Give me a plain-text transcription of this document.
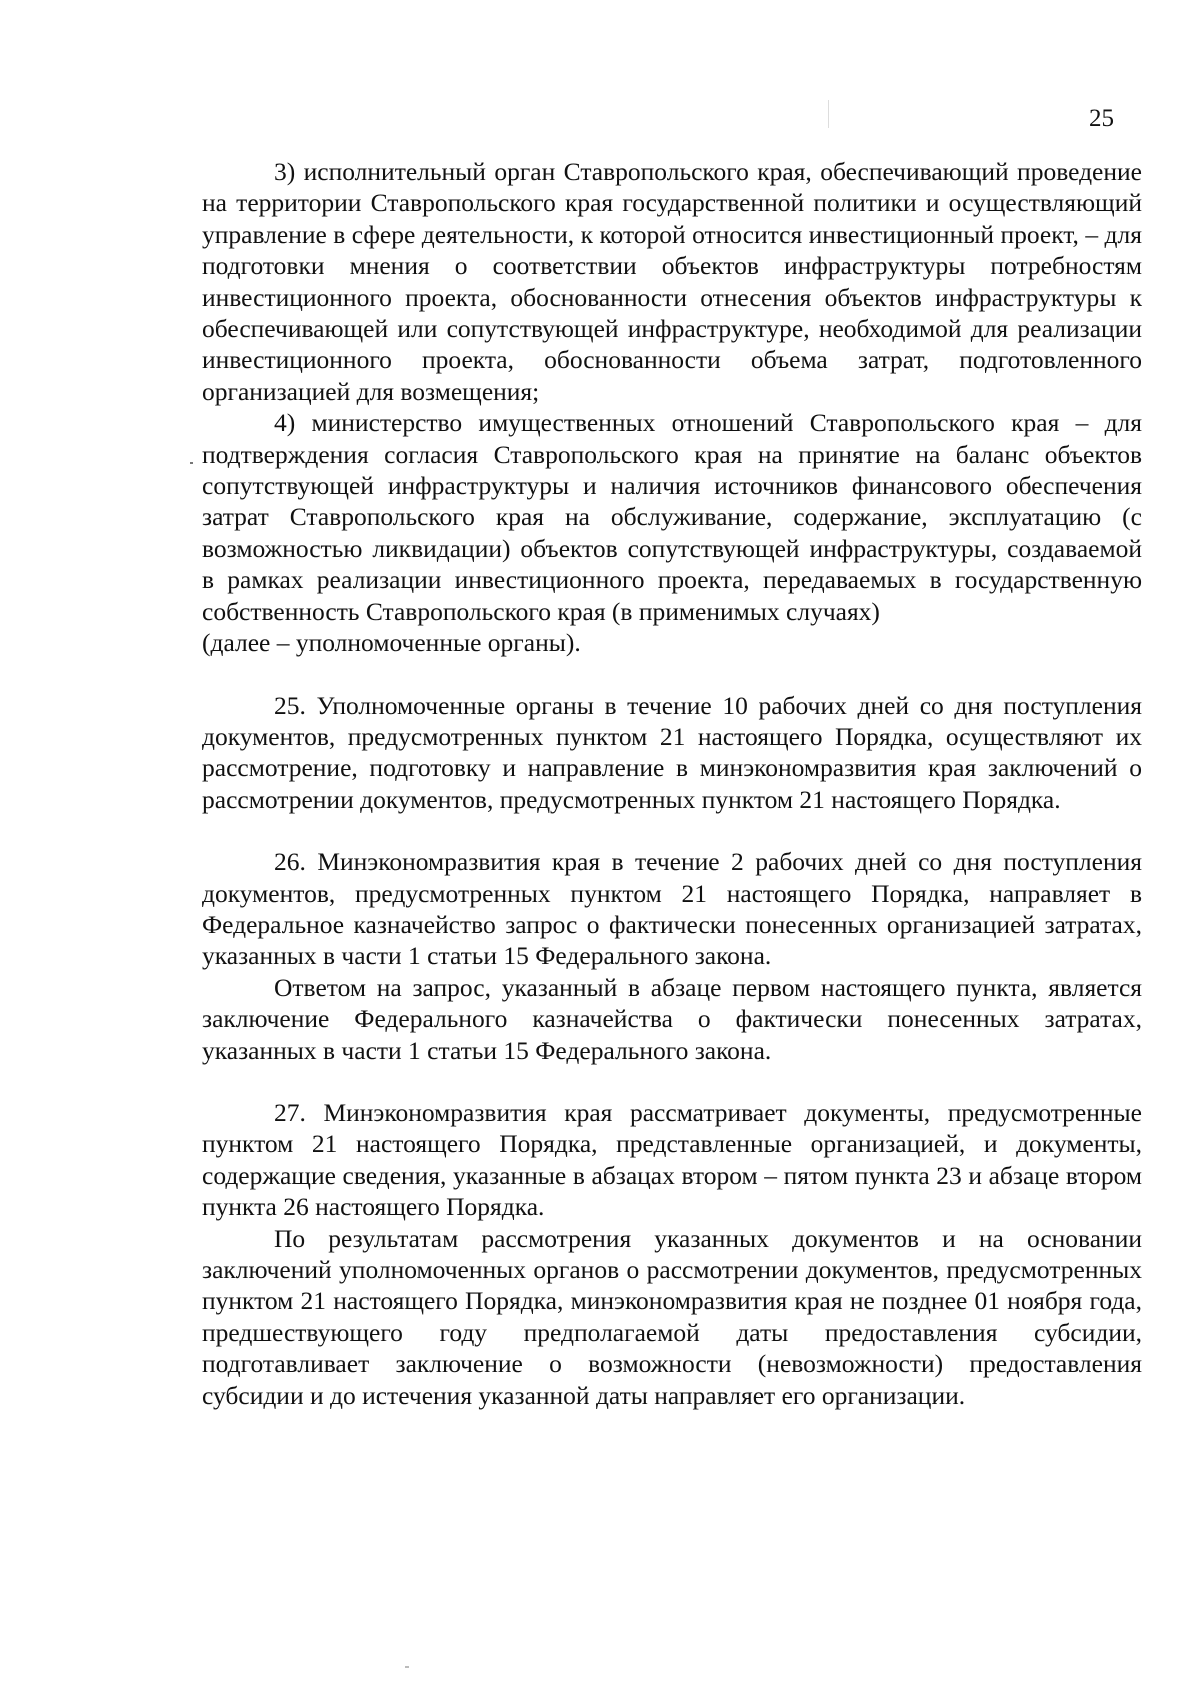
25

3) исполнительный орган Ставропольского края, обеспечивающий проведение на территории Ставропольского края государственной политики и осуществляющий управление в сфере деятельности, к которой относится инвестиционный проект, – для подготовки мнения о соответствии объектов инфраструктуры потребностям инвестиционного проекта, обоснованности отнесения объектов инфраструктуры к обеспечивающей или сопутствующей инфраструктуре, необходимой для реализации инвестиционного проекта, обоснованности объема затрат, подготовленного организацией для возмещения;

4) министерство имущественных отношений Ставропольского края – для подтверждения согласия Ставропольского края на принятие на баланс объектов сопутствующей инфраструктуры и наличия источников финансового обеспечения затрат Ставропольского края на обслуживание, содержание, эксплуатацию (с возможностью ликвидации) объектов сопутствующей инфраструктуры, создаваемой в рамках реализации инвестиционного проекта, передаваемых в государственную собственность Ставропольского края (в применимых случаях)

(далее – уполномоченные органы).

25. Уполномоченные органы в течение 10 рабочих дней со дня поступления документов, предусмотренных пунктом 21 настоящего Порядка, осуществляют их рассмотрение, подготовку и направление в минэкономразвития края заключений о рассмотрении документов, предусмотренных пунктом 21 настоящего Порядка.

26. Минэкономразвития края в течение 2 рабочих дней со дня поступления документов, предусмотренных пунктом 21 настоящего Порядка, направляет в Федеральное казначейство запрос о фактически понесенных организацией затратах, указанных в части 1 статьи 15 Федерального закона.

Ответом на запрос, указанный в абзаце первом настоящего пункта, является заключение Федерального казначейства о фактически понесенных затратах, указанных в части 1 статьи 15 Федерального закона.

27. Минэкономразвития края рассматривает документы, предусмотренные пунктом 21 настоящего Порядка, представленные организацией, и документы, содержащие сведения, указанные в абзацах втором – пятом пункта 23 и абзаце втором пункта 26 настоящего Порядка.

По результатам рассмотрения указанных документов и на основании заключений уполномоченных органов о рассмотрении документов, предусмотренных пунктом 21 настоящего Порядка, минэкономразвития края не позднее 01 ноября года, предшествующего году предполагаемой даты предоставления субсидии, подготавливает заключение о возможности (невозможности) предоставления субсидии и до истечения указанной даты направляет его организации.
